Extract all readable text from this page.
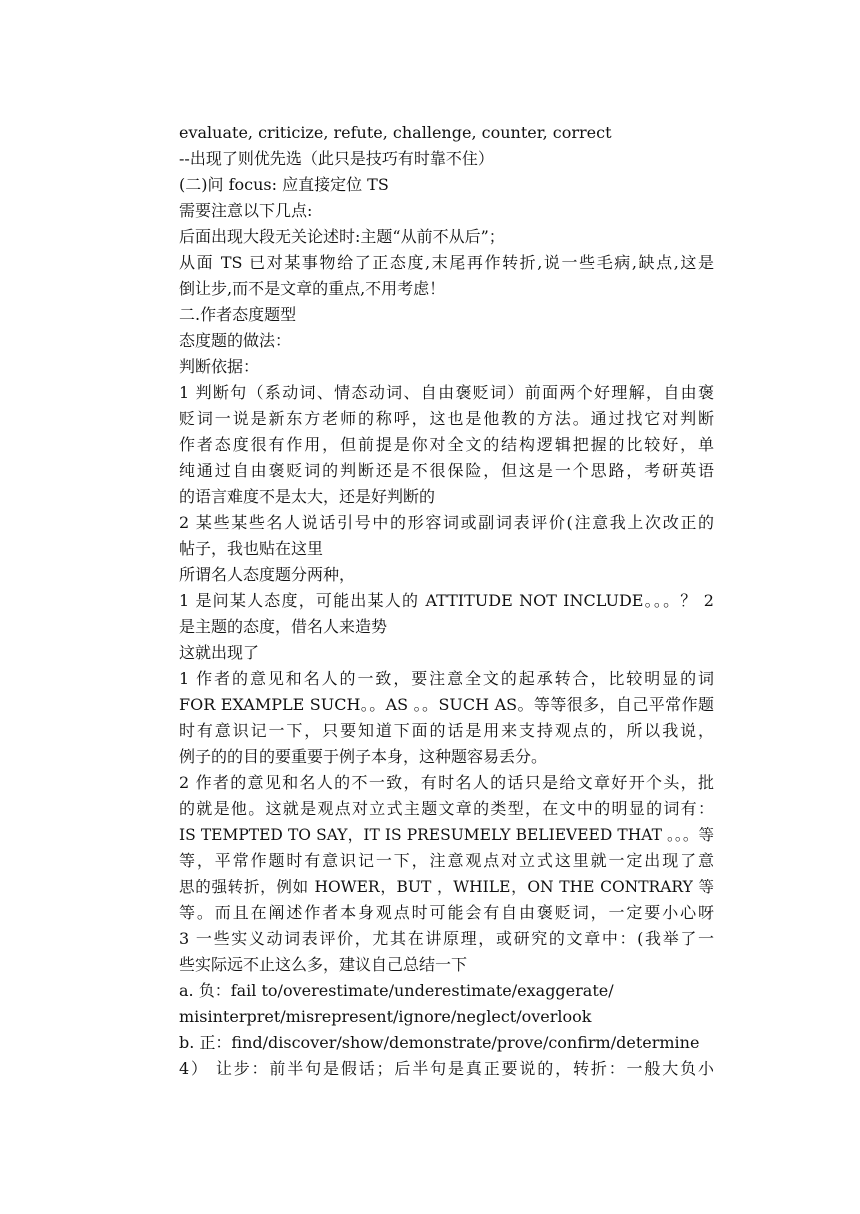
evaluate, criticize, refute, challenge, counter, correct
--出现了则优先选（此只是技巧有时靠不住）
(二)问 focus: 应直接定位 TS
需要注意以下几点:
后面出现大段无关论述时:主题“从前不从后”；
从面 TS 已对某事物给了正态度,末尾再作转折,说一些毛病,缺点,这是
倒让步,而不是文章的重点,不用考虑！
二.作者态度题型
态度题的做法：
判断依据：
1 判断句（系动词、情态动词、自由褒贬词）前面两个好理解，自由褒
贬词一说是新东方老师的称呼，这也是他教的方法。通过找它对判断
作者态度很有作用，但前提是你对全文的结构逻辑把握的比较好，单
纯通过自由褒贬词的判断还是不很保险，但这是一个思路，考研英语
的语言难度不是太大，还是好判断的
2 某些某些名人说话引号中的形容词或副词表评价(注意我上次改正的
帖子，我也贴在这里
所谓名人态度题分两种，
1 是问某人态度，可能出某人的 ATTITUDE NOT INCLUDE。。。？ 2
是主题的态度，借名人来造势
这就出现了
1 作者的意见和名人的一致，要注意全文的起承转合，比较明显的词
FOR EXAMPLE SUCH。。AS 。。SUCH AS。等等很多，自己平常作题
时有意识记一下，只要知道下面的话是用来支持观点的，所以我说，
例子的的目的要重要于例子本身，这种题容易丢分。
2 作者的意见和名人的不一致，有时名人的话只是给文章好开个头，批
的就是他。这就是观点对立式主题文章的类型，在文中的明显的词有：
IS TEMPTED TO SAY，IT IS PRESUMELY BELIEVEED THAT 。。。等
等，平常作题时有意识记一下，注意观点对立式这里就一定出现了意
思的强转折，例如 HOWER，BUT ，WHILE，ON THE CONTRARY 等
等。而且在阐述作者本身观点时可能会有自由褒贬词，一定要小心呀
3 一些实义动词表评价，尤其在讲原理，或研究的文章中：(我举了一
些实际远不止这么多，建议自己总结一下
a. 负：fail to/overestimate/underestimate/exaggerate/
misinterpret/misrepresent/ignore/neglect/overlook
b. 正：find/discover/show/demonstrate/prove/confirm/determine
4） 让步：前半句是假话；后半句是真正要说的，转折：一般大负小
